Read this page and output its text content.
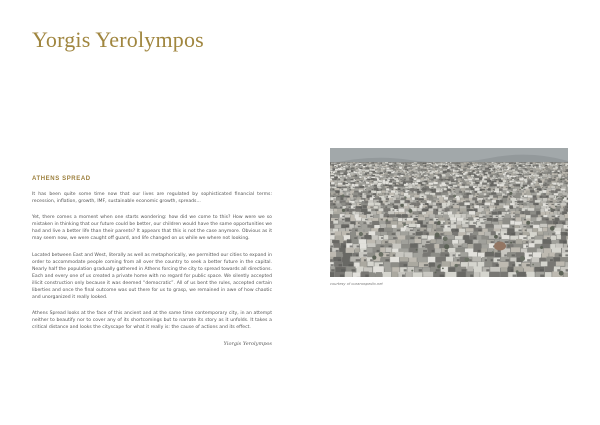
Yorgis Yerolympos
ATHENS SPREAD

It has been quite some time now that our lives are regulated by sophisticated financial terms: recession, inflation, growth, IMF, sustainable economic growth, spreads...

Yet, there comes a moment when one starts wondering: how did we come to this? How were we so mistaken in thinking that our future could be better, our children would have the same opportunities we had and live a better life than their parents? It appears that this is not the case anymore. Obvious as it may seem now, we were caught off guard, and life changed on us while we where not looking.

Located between East and West, literally as well as metaphorically, we permitted our cities to expand in order to accommodate people coming from all over the country to seek a better future in the capital. Nearly half the population gradually gathered in Athens forcing the city to spread towards all directions. Each and every one of us created a private home with no regard for public space. We silently accepted illicit construction only because it was deemed “democratic”. All of us bent the rules, accepted certain liberties and once the final outcome was out there for us to grasp, we remained in awe of how chaotic and unorganized it really looked.

Athens Spread looks at the face of this ancient and at the same time contemporary city, in an attempt neither to beautify nor to cover any of its shortcomings but to narrate its story as it unfolds. It takes a critical distance and looks the cityscape for what it really is: the cause of actions and its effect.

Yiorgis Yerolympos

courtesy of ouranospedio.net
